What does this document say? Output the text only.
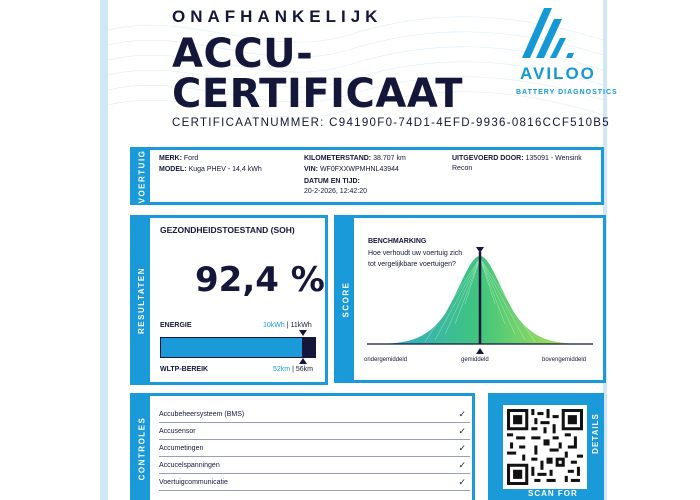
ONAFHANKELIJK
ACCU-
CERTIFICAAT
CERTIFICAATNUMMER: C94190F0-74D1-4EFD-9936-0816CCF510B5
AVILOO
BATTERY DIAGNOSTICS
VOERTUIG MERK: Ford
MODEL: Kuga PHEV - 14,4 kWh
KILOMETERSTAND: 38.707 km
VIN: WF0FXXWPMHNL43944
DATUM EN TIJD:
20-2-2026, 12:42:20
UITGEVOERD DOOR: 135091 - Wensink Recon
RESULTATEN
GEZONDHEIDSTOESTAND (SOH)
92,4 %
ENERGIE	10kWh | 11kWh
WLTP-BEREIK	52km | 56km
SCORE
BENCHMARKING
Hoe verhoudt uw voertuig zich tot vergelijkbare voertuigen?
ondergemiddeld	gemiddeld	bovengemiddeld
CONTROLES
Accubeheersysteem (BMS)	✓
Accusensor	✓
Accumetingen	✓
Accucelspanningen	✓
Voertuigcommunicatie	✓
SCAN FOR
DETAILS
